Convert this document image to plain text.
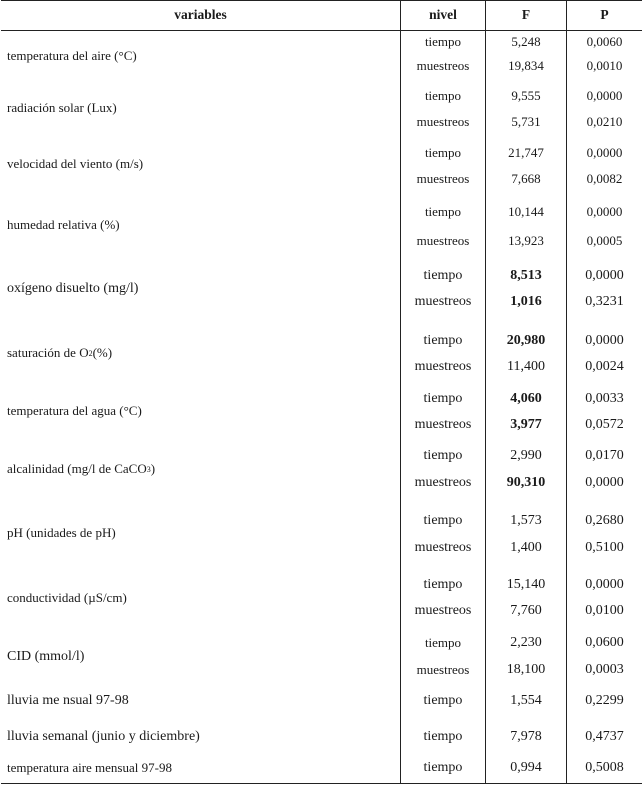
variables	nivel	F	P
temperatura del aire (°C)
tiempo	5,248	0,0060
muestreos	19,834	0,0010
radiación solar (Lux)
tiempo	9,555	0,0000
muestreos	5,731	0,0210
velocidad del viento (m/s)
tiempo	21,747	0,0000
muestreos	7,668	0,0082
humedad relativa (%)
tiempo	10,144	0,0000
muestreos	13,923	0,0005
oxígeno disuelto (mg/l)
tiempo	8,513	0,0000
muestreos	1,016	0,3231
saturación de O 2 (%)
tiempo	20,980	0,0000
muestreos	11,400	0,0024
temperatura del agua (°C)
tiempo	4,060	0,0033
muestreos	3,977	0,0572
alcalinidad (mg/l de CaCO 3 )
tiempo	2,990	0,0170
muestreos	90,310	0,0000
pH (unidades de pH)
tiempo	1,573	0,2680
muestreos	1,400	0,5100
conductividad (µS/cm)
tiempo	15,140	0,0000
muestreos	7,760	0,0100
CID (mmol/l)
tiempo	2,230	0,0600
muestreos	18,100	0,0003
lluvia me nsual 97-98	tiempo	1,554	0,2299
lluvia semanal (junio y diciembre)	tiempo	7,978	0,4737
temperatura aire mensual 97-98	tiempo	0,994	0,5008
